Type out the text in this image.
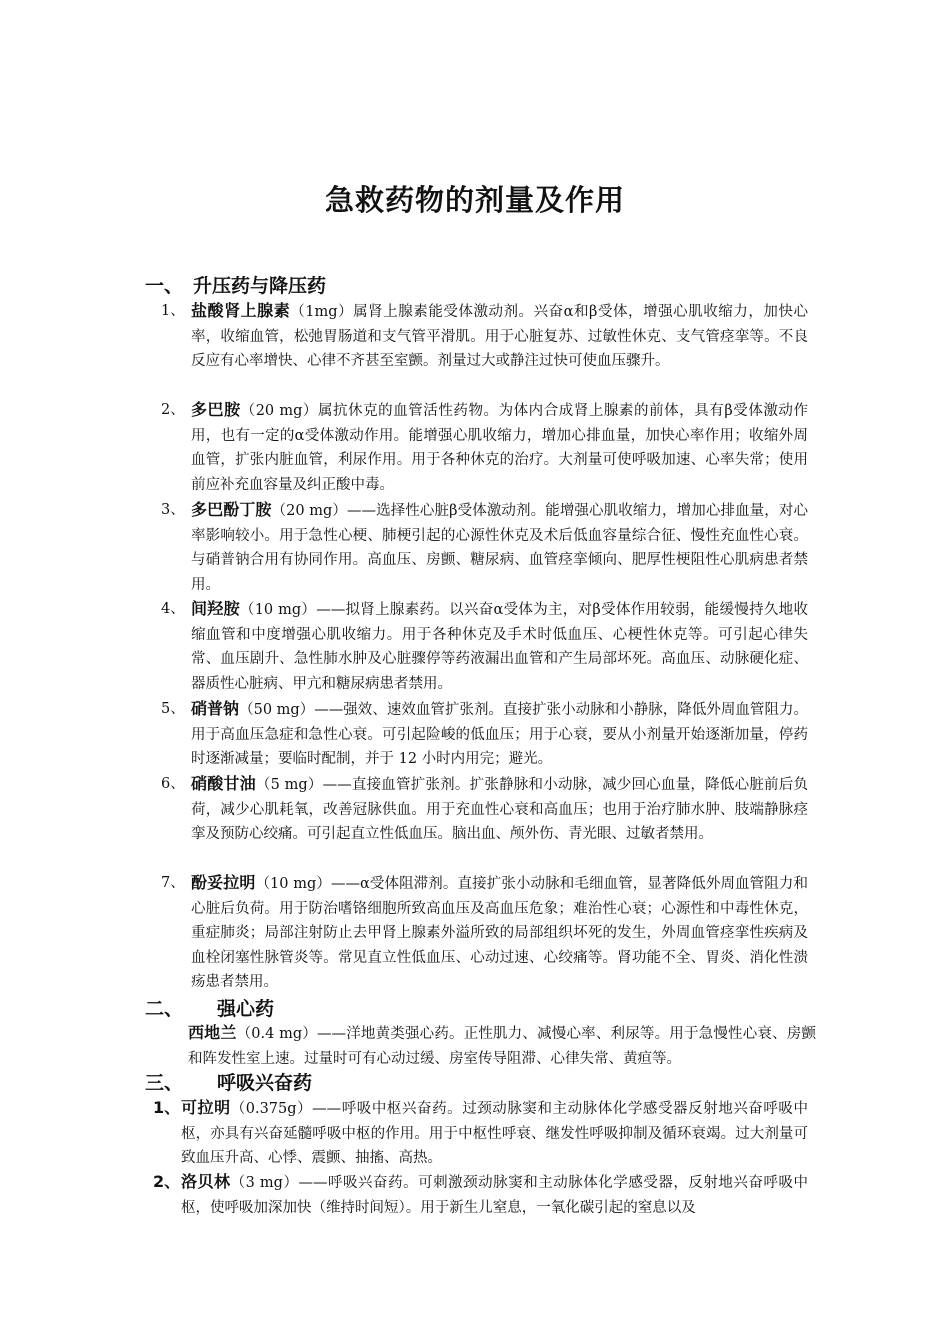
急救药物的剂量及作用
一、 升压药与降压药
1、 盐酸肾上腺素（1mg）属肾上腺素能受体激动剂。兴奋α和β受体，增强心肌收缩力，加快心率，收缩血管，松弛胃肠道和支气管平滑肌。用于心脏复苏、过敏性休克、支气管痉挛等。不良反应有心率增快、心律不齐甚至室颤。剂量过大或静注过快可使血压骤升。
2、 多巴胺（20 mg）属抗休克的血管活性药物。为体内合成肾上腺素的前体，具有β受体激动作用，也有一定的α受体激动作用。能增强心肌收缩力，增加心排血量，加快心率作用；收缩外周血管，扩张内脏血管，利尿作用。用于各种休克的治疗。大剂量可使呼吸加速、心率失常；使用前应补充血容量及纠正酸中毒。
3、 多巴酚丁胺（20 mg）——选择性心脏β受体激动剂。能增强心肌收缩力，增加心排血量，对心率影响较小。用于急性心梗、肺梗引起的心源性休克及术后低血容量综合征、慢性充血性心衰。与硝普钠合用有协同作用。高血压、房颤、糖尿病、血管痉挛倾向、肥厚性梗阻性心肌病患者禁用。
4、 间羟胺（10 mg）——拟肾上腺素药。以兴奋α受体为主，对β受体作用较弱，能缓慢持久地收缩血管和中度增强心肌收缩力。用于各种休克及手术时低血压、心梗性休克等。可引起心律失常、血压剧升、急性肺水肿及心脏骤停等药液漏出血管和产生局部坏死。高血压、动脉硬化症、器质性心脏病、甲亢和糖尿病患者禁用。
5、 硝普钠（50 mg）——强效、速效血管扩张剂。直接扩张小动脉和小静脉，降低外周血管阻力。用于高血压急症和急性心衰。可引起险峻的低血压；用于心衰，要从小剂量开始逐渐加量，停药时逐渐减量；要临时配制，并于 12 小时内用完；避光。
6、 硝酸甘油（5 mg）——直接血管扩张剂。扩张静脉和小动脉，减少回心血量，降低心脏前后负荷，减少心肌耗氧，改善冠脉供血。用于充血性心衰和高血压；也用于治疗肺水肿、肢端静脉痉挛及预防心绞痛。可引起直立性低血压。脑出血、颅外伤、青光眼、过敏者禁用。
7、 酚妥拉明（10 mg）——α受体阻滞剂。直接扩张小动脉和毛细血管，显著降低外周血管阻力和心脏后负荷。用于防治嗜铬细胞所致高血压及高血压危象；难治性心衰；心源性和中毒性休克，重症肺炎；局部注射防止去甲肾上腺素外溢所致的局部组织坏死的发生，外周血管痉挛性疾病及血栓闭塞性脉管炎等。常见直立性低血压、心动过速、心绞痛等。肾功能不全、胃炎、消化性溃疡患者禁用。
二、 强心药
西地兰（0.4 mg）——洋地黄类强心药。正性肌力、减慢心率、利尿等。用于急慢性心衰、房颤和阵发性室上速。过量时可有心动过缓、房室传导阻滞、心律失常、黄疸等。
三、 呼吸兴奋药
1、 可拉明（0.375g）——呼吸中枢兴奋药。过颈动脉窦和主动脉体化学感受器反射地兴奋呼吸中枢，亦具有兴奋延髓呼吸中枢的作用。用于中枢性呼衰、继发性呼吸抑制及循环衰竭。过大剂量可致血压升高、心悸、震颤、抽搐、高热。
2、 洛贝林（3 mg）——呼吸兴奋药。可刺激颈动脉窦和主动脉体化学感受器，反射地兴奋呼吸中枢，使呼吸加深加快（维持时间短）。用于新生儿窒息，一氧化碳引起的窒息以及
